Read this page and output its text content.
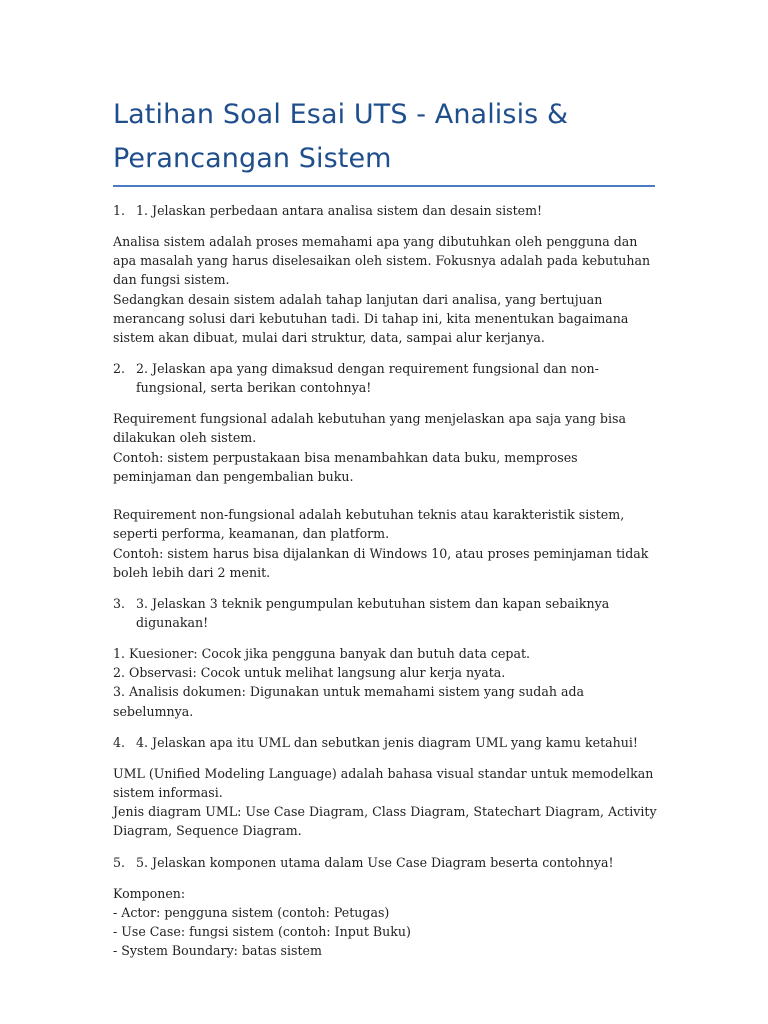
Latihan Soal Esai UTS - Analisis & Perancangan Sistem
1. 1. Jelaskan perbedaan antara analisa sistem dan desain sistem!
Analisa sistem adalah proses memahami apa yang dibutuhkan oleh pengguna dan apa masalah yang harus diselesaikan oleh sistem. Fokusnya adalah pada kebutuhan dan fungsi sistem.
Sedangkan desain sistem adalah tahap lanjutan dari analisa, yang bertujuan merancang solusi dari kebutuhan tadi. Di tahap ini, kita menentukan bagaimana sistem akan dibuat, mulai dari struktur, data, sampai alur kerjanya.
2. 2. Jelaskan apa yang dimaksud dengan requirement fungsional dan non-fungsional, serta berikan contohnya!
Requirement fungsional adalah kebutuhan yang menjelaskan apa saja yang bisa dilakukan oleh sistem.
Contoh: sistem perpustakaan bisa menambahkan data buku, memproses peminjaman dan pengembalian buku.
Requirement non-fungsional adalah kebutuhan teknis atau karakteristik sistem, seperti performa, keamanan, dan platform.
Contoh: sistem harus bisa dijalankan di Windows 10, atau proses peminjaman tidak boleh lebih dari 2 menit.
3. 3. Jelaskan 3 teknik pengumpulan kebutuhan sistem dan kapan sebaiknya digunakan!
1. Kuesioner: Cocok jika pengguna banyak dan butuh data cepat.
2. Observasi: Cocok untuk melihat langsung alur kerja nyata.
3. Analisis dokumen: Digunakan untuk memahami sistem yang sudah ada sebelumnya.
4. 4. Jelaskan apa itu UML dan sebutkan jenis diagram UML yang kamu ketahui!
UML (Unified Modeling Language) adalah bahasa visual standar untuk memodelkan sistem informasi.
Jenis diagram UML: Use Case Diagram, Class Diagram, Statechart Diagram, Activity Diagram, Sequence Diagram.
5. 5. Jelaskan komponen utama dalam Use Case Diagram beserta contohnya!
Komponen:
- Actor: pengguna sistem (contoh: Petugas)
- Use Case: fungsi sistem (contoh: Input Buku)
- System Boundary: batas sistem
